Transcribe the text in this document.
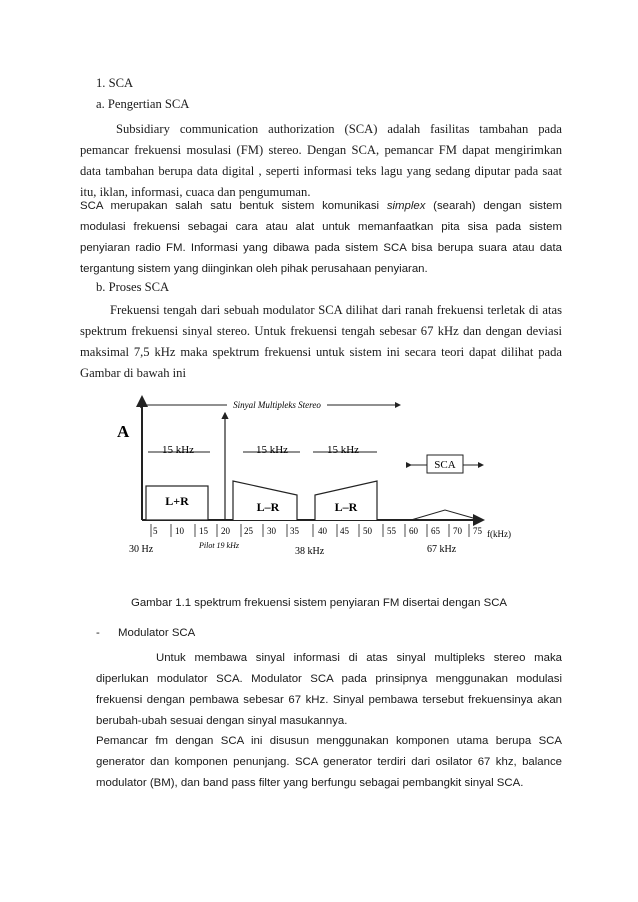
1. SCA
a. Pengertian SCA
Subsidiary communication authorization (SCA) adalah fasilitas tambahan pada pemancar frekuensi mosulasi (FM) stereo. Dengan SCA, pemancar FM dapat mengirimkan data tambahan berupa data digital , seperti informasi teks lagu yang sedang diputar pada saat itu, iklan, informasi, cuaca dan pengumuman.
SCA merupakan salah satu bentuk sistem komunikasi simplex (searah) dengan sistem modulasi frekuensi sebagai cara atau alat untuk memanfaatkan pita sisa pada sistem penyiaran radio FM. Informasi yang dibawa pada sistem SCA bisa berupa suara atau data tergantung sistem yang diinginkan oleh pihak perusahaan penyiaran.
b. Proses SCA
Frekuensi tengah dari sebuah modulator SCA dilihat dari ranah frekuensi terletak di atas spektrum frekuensi sinyal stereo. Untuk frekuensi tengah sebesar 67 kHz dan dengan deviasi maksimal 7,5 kHz maka spektrum frekuensi untuk sistem ini secara teori dapat dilihat pada Gambar di bawah ini
A
f(kHz)
Sinyal Multipleks Stereo
15 kHz	15 kHz	15 kHz
SCA
L+R	L–R	L–R
5 10 15 20 25 30 35 40 45 50 55 60 65 70 75
30 Hz	Pilot 19 kHz
38 kHz	67 kHz
Gambar 1.1 spektrum frekuensi sistem penyiaran FM disertai dengan SCA
- Modulator SCA
Untuk membawa sinyal informasi di atas sinyal multipleks stereo maka diperlukan modulator SCA. Modulator SCA pada prinsipnya menggunakan modulasi frekuensi dengan pembawa sebesar 67 kHz. Sinyal pembawa tersebut frekuensinya akan berubah-ubah sesuai dengan sinyal masukannya.
Pemancar fm dengan SCA ini disusun menggunakan komponen utama berupa SCA generator dan komponen penunjang. SCA generator terdiri dari osilator 67 khz, balance modulator (BM), dan band pass filter yang berfungu sebagai pembangkit sinyal SCA.
